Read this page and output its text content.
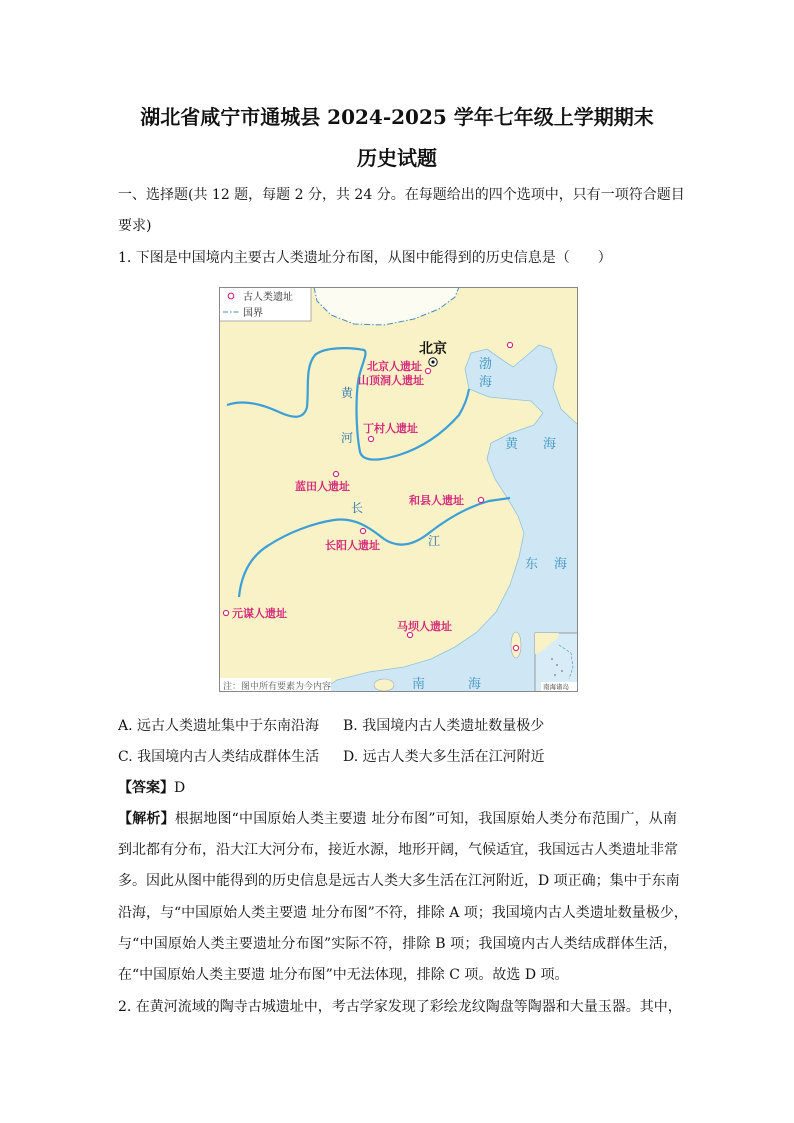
湖北省咸宁市通城县 2024-2025 学年七年级上学期期末
历史试题
一、选择题(共 12 题，每题 2 分，共 24 分。在每题给出的四个选项中，只有一项符合题目
要求)
1. 下图是中国境内主要古人类遗址分布图，从图中能得到的历史信息是（　　）
黄
河
长
江
渤
海
黄 海
东 海
南	海
北京
北京人遗址
山顶洞人遗址
丁村人遗址
蓝田人遗址
和县人遗址
长阳人遗址
元谋人遗址
马坝人遗址
古人类遗址
国界
注：图中所有要素为今内容	南海诸岛
A. 远古人类遗址集中于东南沿海 B. 我国境内古人类遗址数量极少
C. 我国境内古人类结成群体生活 D. 远古人类大多生活在江河附近
【答案】D
【解析】根据地图“中国原始人类主要遗 址分布图”可知，我国原始人类分布范围广，从南
到北都有分布，沿大江大河分布，接近水源，地形开阔，气候适宜，我国远古人类遗址非常
多。因此从图中能得到的历史信息是远古人类大多生活在江河附近，D 项正确；集中于东南
沿海，与“中国原始人类主要遗 址分布图”不符，排除 A 项；我国境内古人类遗址数量极少，
与“中国原始人类主要遗址分布图”实际不符，排除 B 项；我国境内古人类结成群体生活，
在“中国原始人类主要遗 址分布图”中无法体现，排除 C 项。故选 D 项。
2. 在黄河流域的陶寺古城遗址中，考古学家发现了彩绘龙纹陶盘等陶器和大量玉器。其中，
